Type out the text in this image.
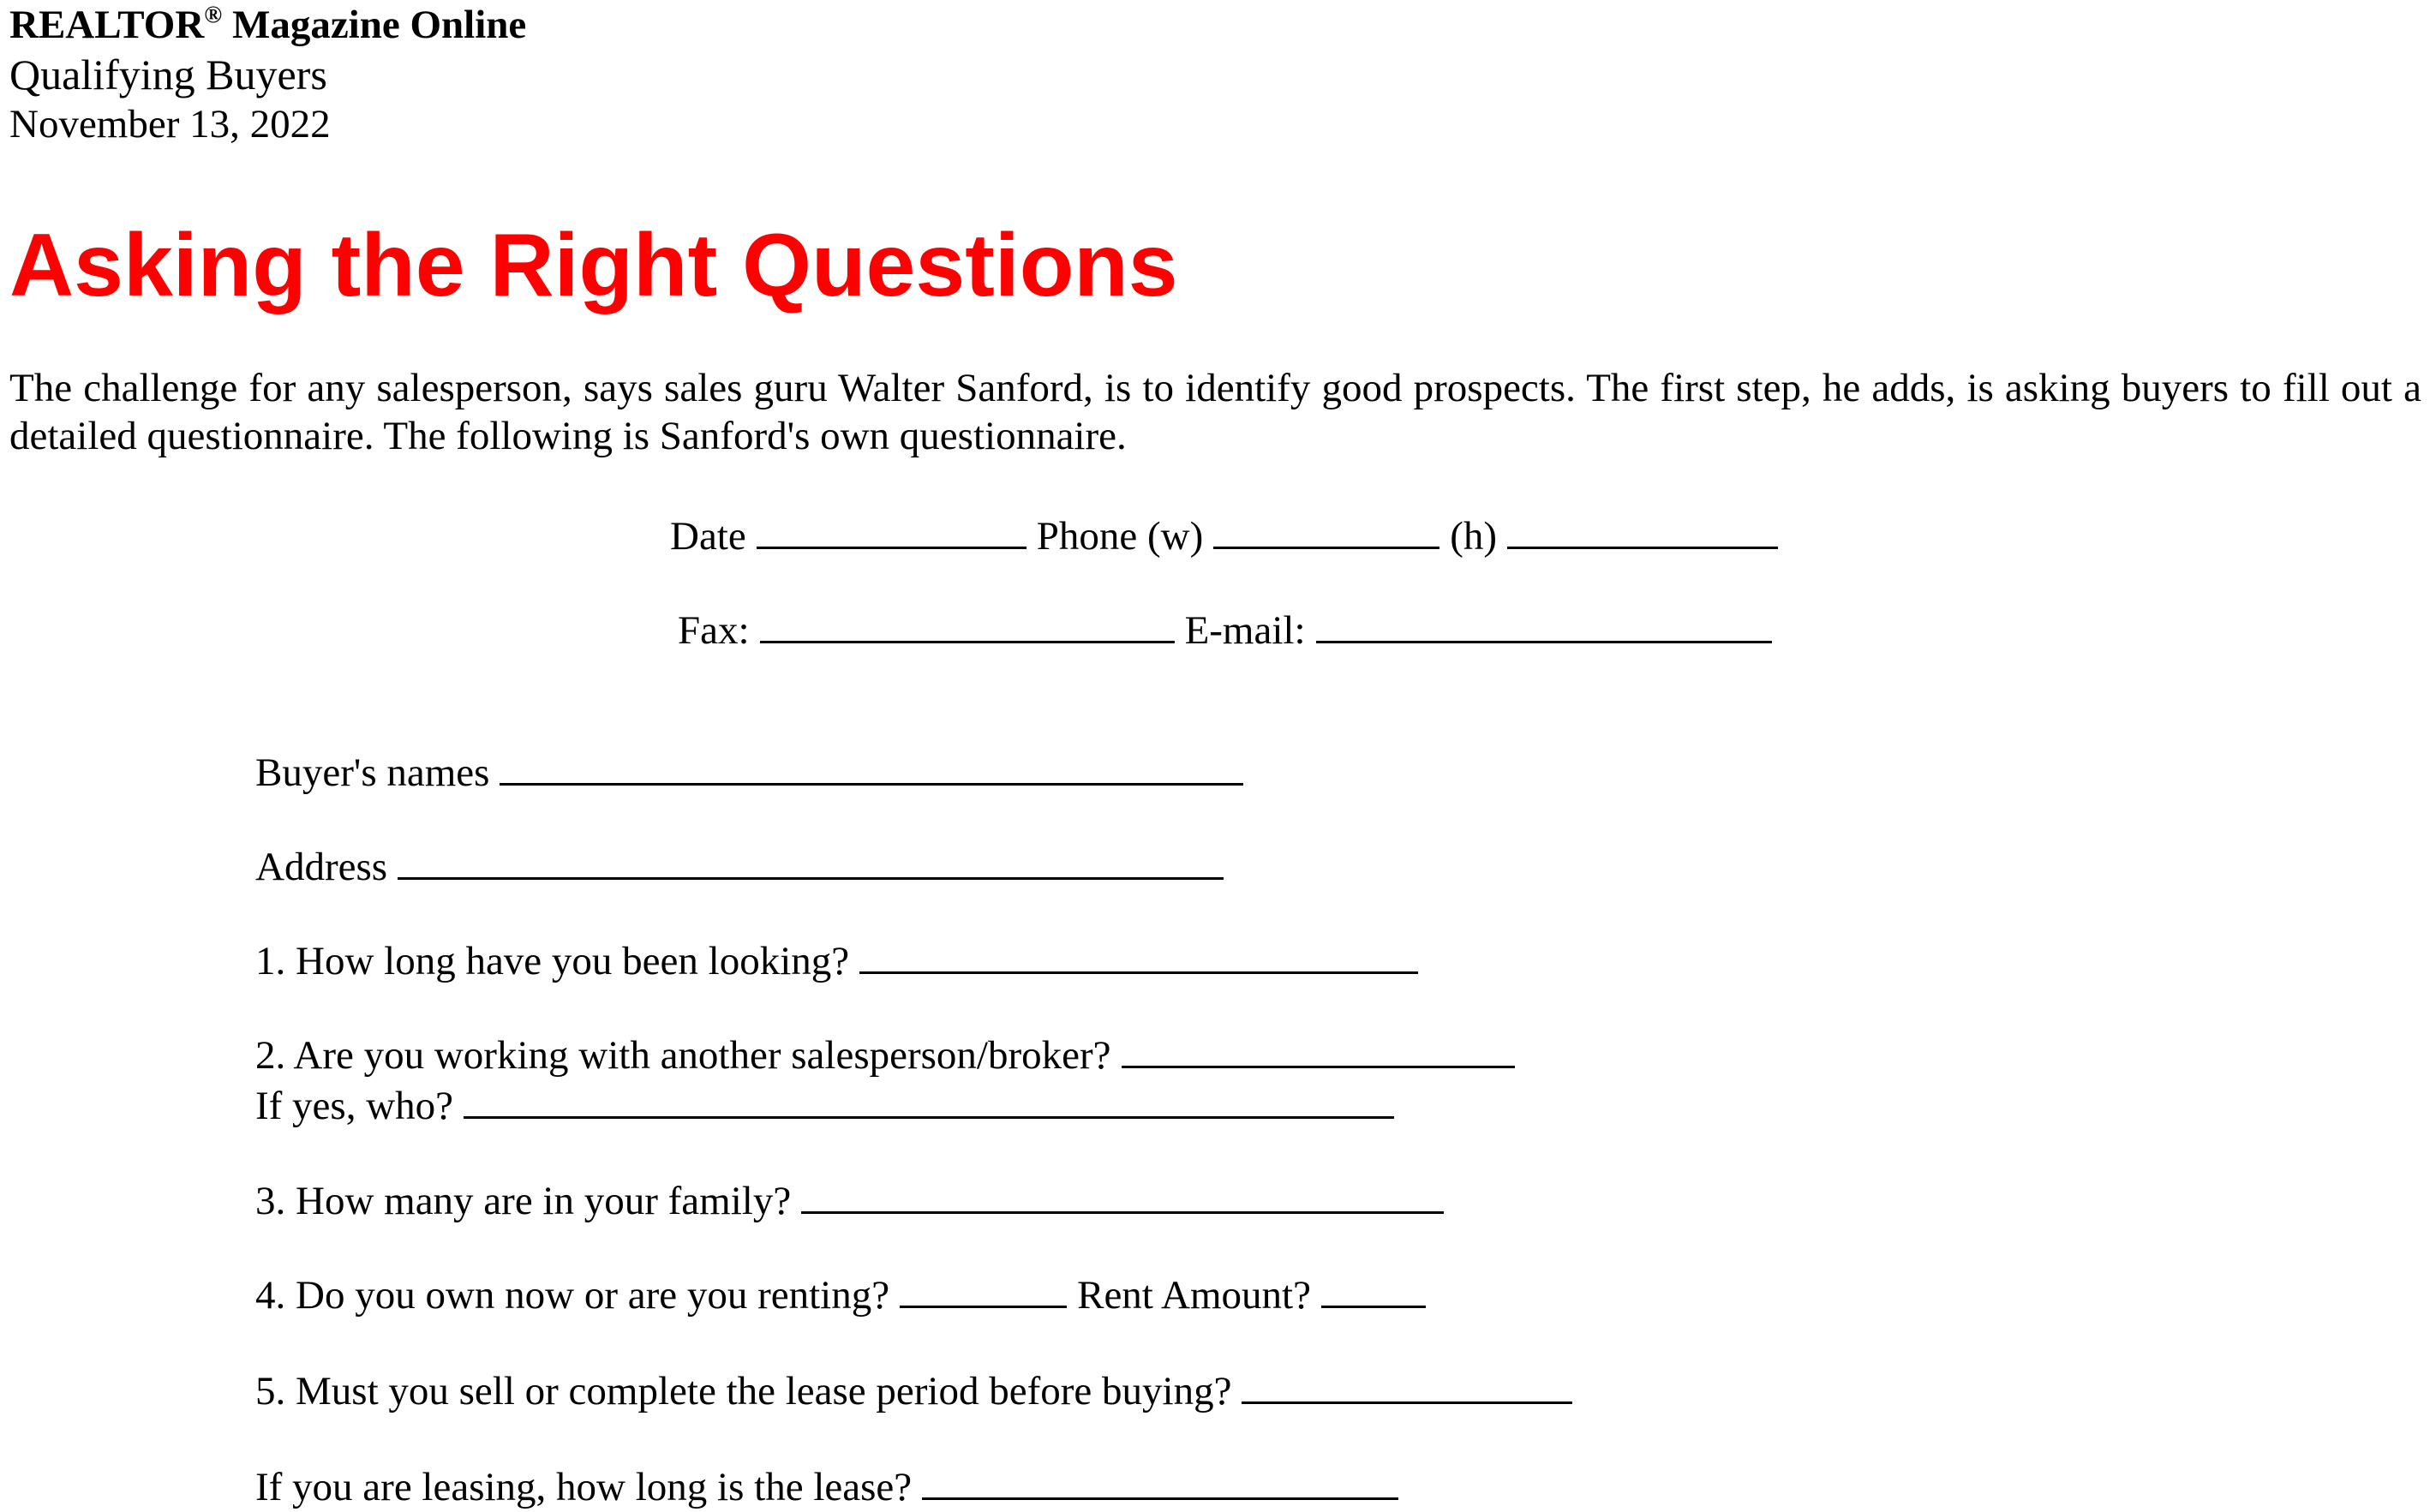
REALTOR® Magazine Online
Qualifying Buyers
November 13, 2022
Asking the Right Questions

The challenge for any salesperson, says sales guru Walter Sanford, is to identify good prospects. The first step, he adds, is asking buyers to fill out a detailed questionnaire. The following is Sanford's own questionnaire.

Date	Phone (w)	(h)
Fax:	E-mail:
Buyer's names
Address
1. How long have you been looking?
2. Are you working with another salesperson/broker?
If yes, who?
3. How many are in your family?
4. Do you own now or are you renting?	Rent Amount?
5. Must you sell or complete the lease period before buying?
If you are leasing, how long is the lease?
